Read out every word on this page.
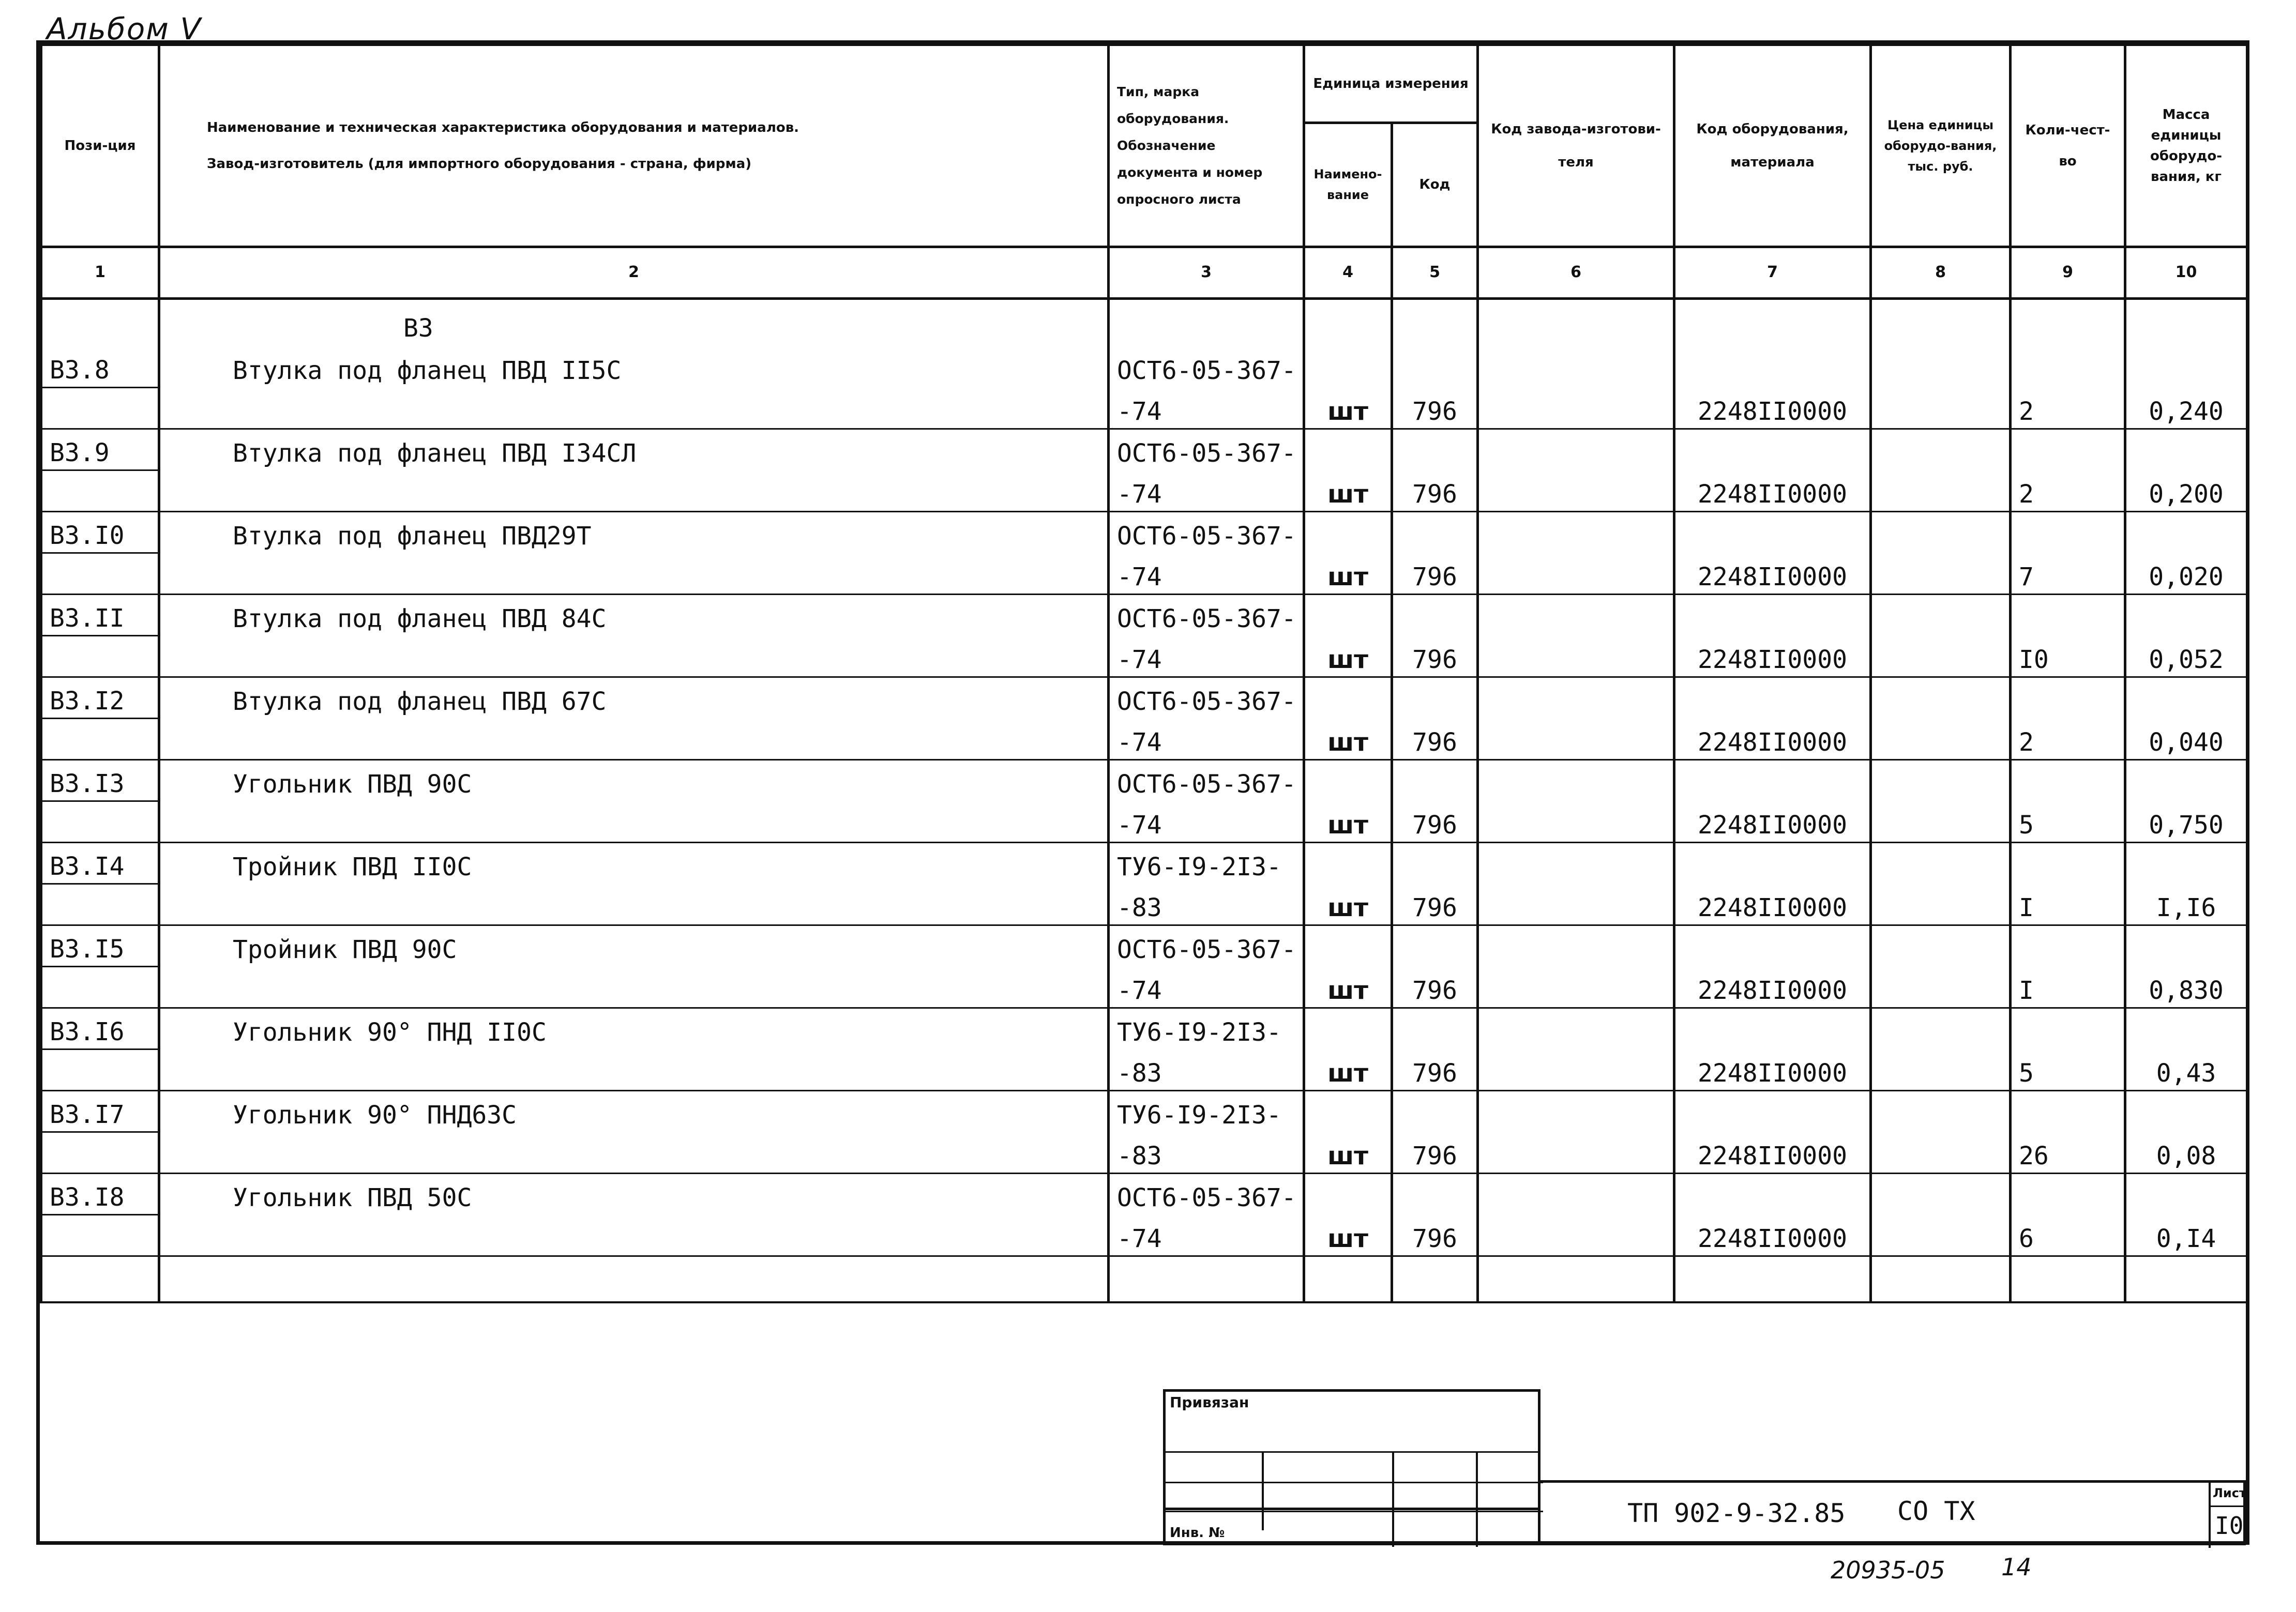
Альбом Ⅴ
Пози-ция	Наименование и техническая характеристика оборудования и материалов.
Завод-изготовитель (для импортного оборудования - страна, фирма)	Тип, марка оборудования. Обозначение документа и номер опросного листа	Единица измерения		Код завода-изготови-теля	Код оборудования, материала	Цена единицы оборудо-вания, тыс. руб.	Коли-чест-во	Масса единицы оборудо-вания, кг
			Наимено-вание	Код					
1	2	3	4	5	6	7	8	9	10
	В3								
В3.8	Втулка под фланец ПВД II5С	ОСТ6-05-367-							
		-74	шт	796		2248II0000		2	0,240
В3.9	Втулка под фланец ПВД I34СЛ	ОСТ6-05-367-							
		-74	шт	796		2248II0000		2	0,200
В3.I0	Втулка под фланец ПВД29Т	ОСТ6-05-367-							
		-74	шт	796		2248II0000		7	0,020
В3.II	Втулка под фланец ПВД 84С	ОСТ6-05-367-							
		-74	шт	796		2248II0000		I0	0,052
В3.I2	Втулка под фланец ПВД 67С	ОСТ6-05-367-							
		-74	шт	796		2248II0000		2	0,040
В3.I3	Угольник ПВД 90С	ОСТ6-05-367-							
		-74	шт	796		2248II0000		5	0,750
В3.I4	Тройник ПВД II0С	ТУ6-I9-2I3-							
		-83	шт	796		2248II0000		I	I,I6
В3.I5	Тройник ПВД 90С	ОСТ6-05-367-							
		-74	шт	796		2248II0000		I	0,830
В3.I6	Угольник 90° ПНД II0С	ТУ6-I9-2I3-							
		-83	шт	796		2248II0000		5	0,43
В3.I7	Угольник 90° ПНД63С	ТУ6-I9-2I3-							
		-83	шт	796		2248II0000		26	0,08
В3.I8	Угольник ПВД 50С	ОСТ6-05-367-							
		-74	шт	796		2248II0000		6	0,I4

Привязан
Инв. №
ТП 902-9-32.85 СО ТХ
Лист
I0
20935-05 14
